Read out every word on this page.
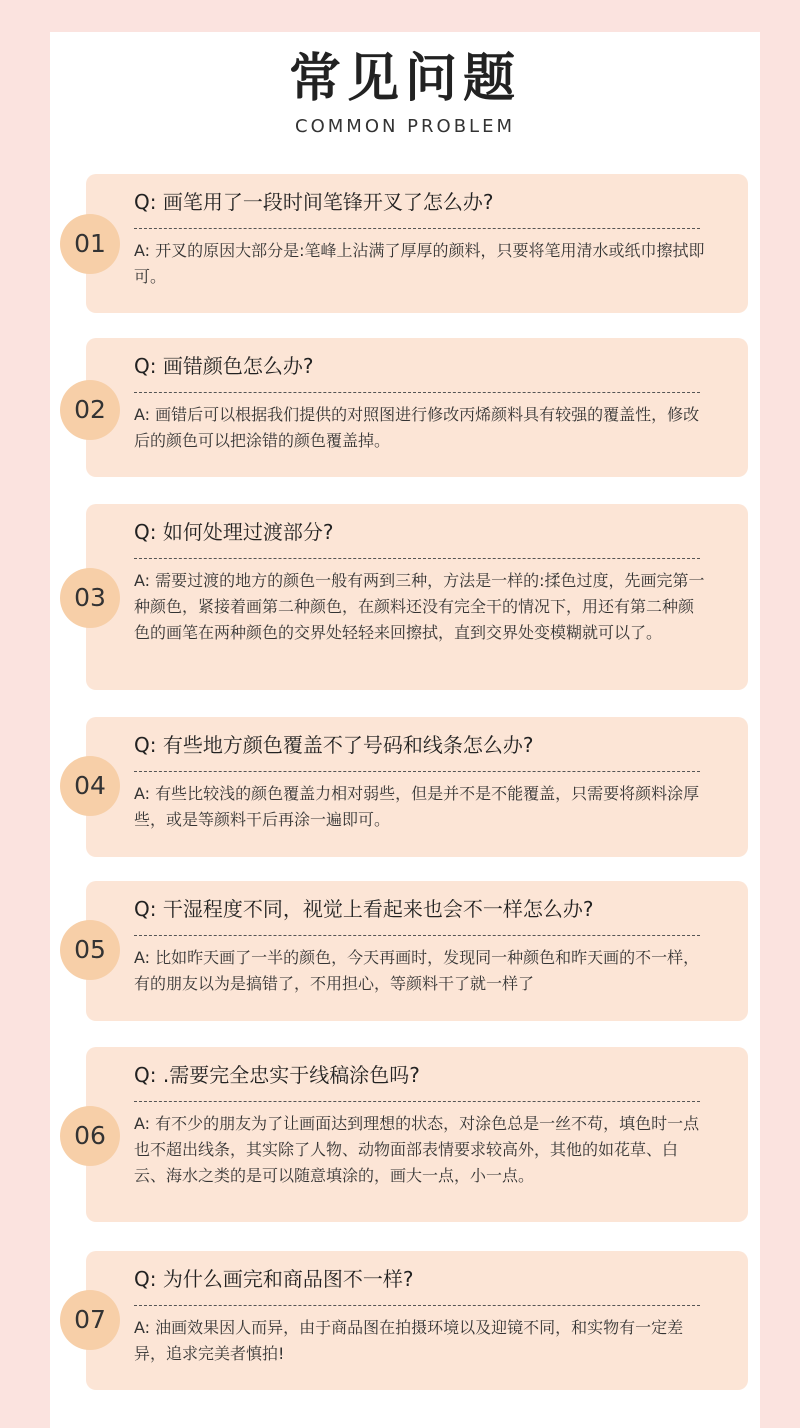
常见问题
COMMON PROBLEM
Q: 画笔用了一段时间笔锋开叉了怎么办?
A: 开叉的原因大部分是:笔峰上沾满了厚厚的颜料，只要将笔用清水或纸巾擦拭即可。
01
Q: 画错颜色怎么办?
A: 画错后可以根据我们提供的对照图进行修改丙烯颜料具有较强的覆盖性，修改后的颜色可以把涂错的颜色覆盖掉。
02
Q: 如何处理过渡部分?
A: 需要过渡的地方的颜色一般有两到三种，方法是一样的:揉色过度，先画完第一种颜色，紧接着画第二种颜色，在颜料还没有完全干的情况下，用还有第二种颜色的画笔在两种颜色的交界处轻轻来回擦拭，直到交界处变模糊就可以了。
03
Q: 有些地方颜色覆盖不了号码和线条怎么办?
A: 有些比较浅的颜色覆盖力相对弱些，但是并不是不能覆盖，只需要将颜料涂厚些，或是等颜料干后再涂一遍即可。
04
Q: 干湿程度不同，视觉上看起来也会不一样怎么办?
A: 比如昨天画了一半的颜色，今天再画时，发现同一种颜色和昨天画的不一样，有的朋友以为是搞错了，不用担心，等颜料干了就一样了
05
Q: .需要完全忠实于线稿涂色吗?
A: 有不少的朋友为了让画面达到理想的状态，对涂色总是一丝不苟，填色时一点也不超出线条，其实除了人物、动物面部表情要求较高外，其他的如花草、白云、海水之类的是可以随意填涂的，画大一点，小一点。
06
Q: 为什么画完和商品图不一样?
A: 油画效果因人而异，由于商品图在拍摄环境以及迎镜不同，和实物有一定差异，追求完美者慎拍!
07
